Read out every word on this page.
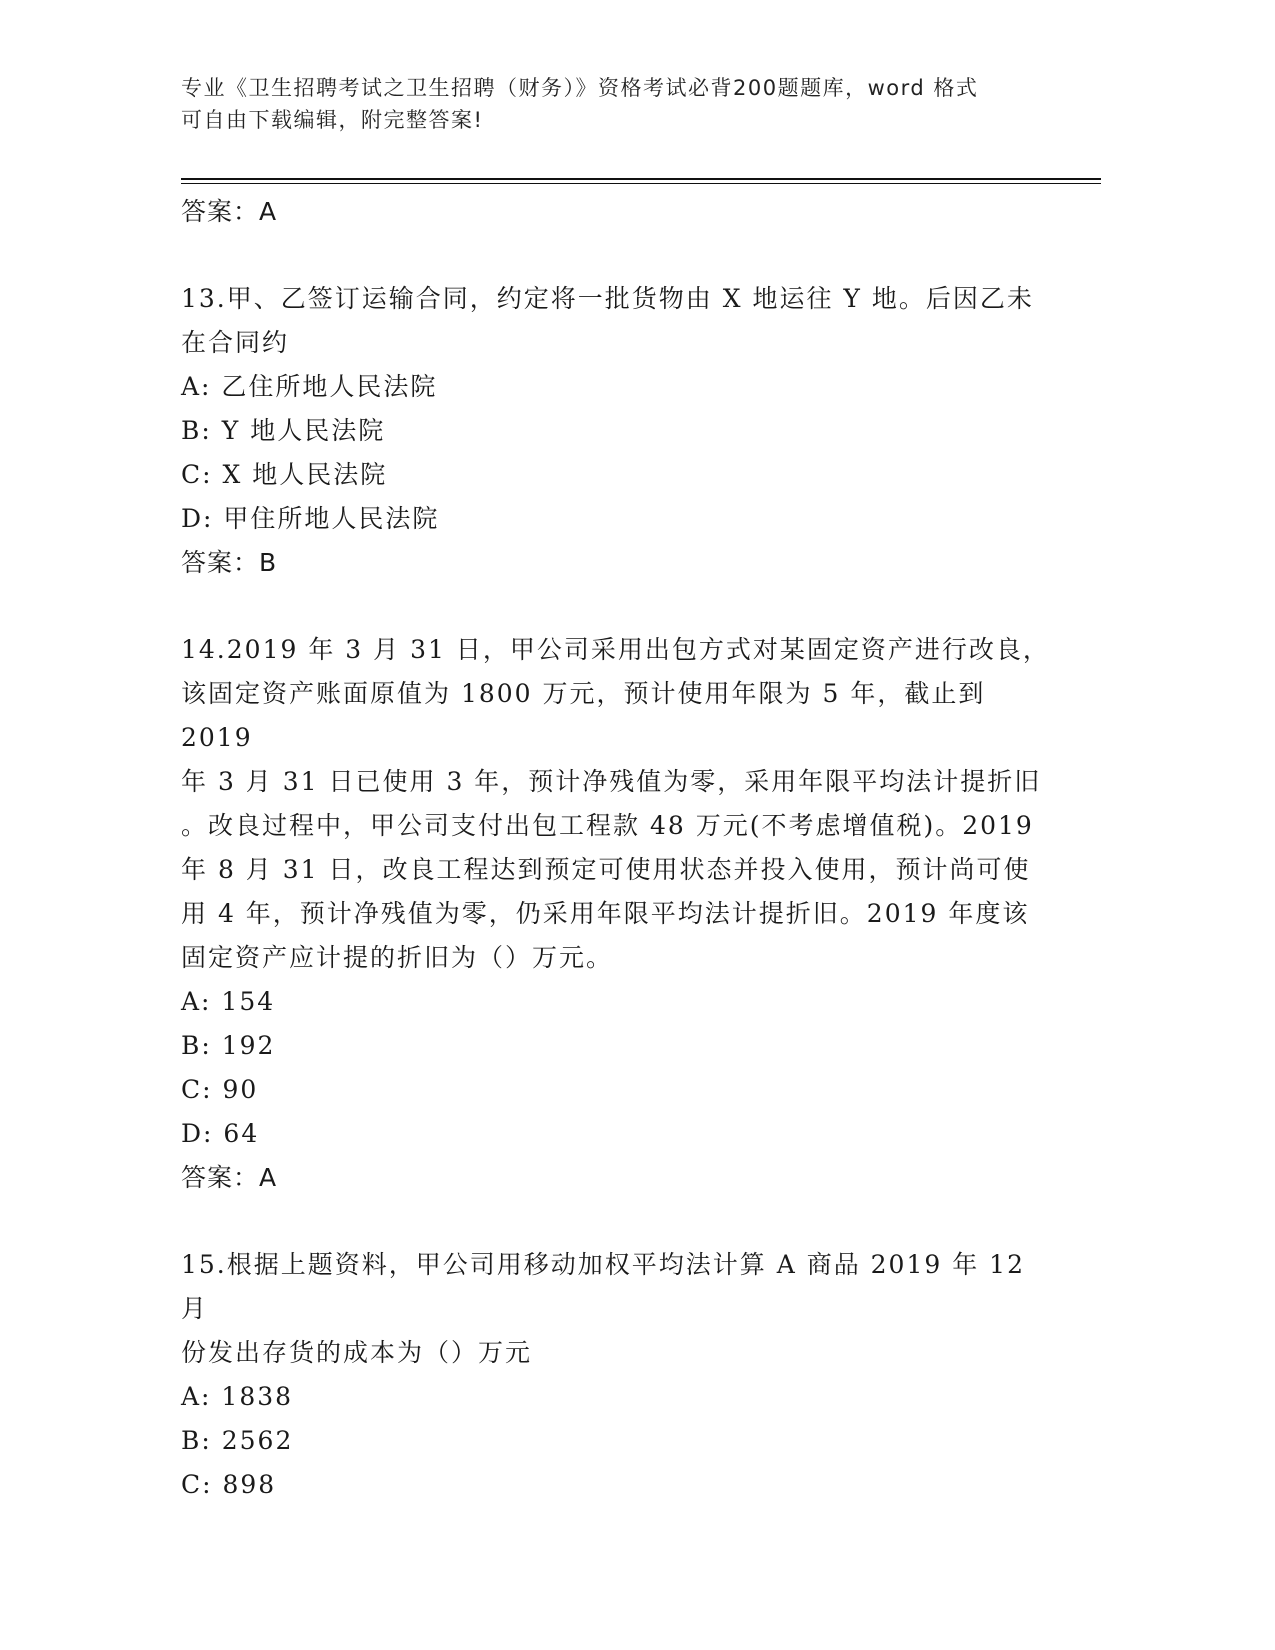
专业《卫生招聘考试之卫生招聘（财务）》资格考试必背200题题库，word 格式
可自由下载编辑，附完整答案!
答案：A
13.甲、乙签订运输合同，约定将一批货物由 X 地运往 Y 地。后因乙未
在合同约
A: 乙住所地人民法院
B: Y 地人民法院
C: X 地人民法院
D: 甲住所地人民法院
答案：B
14.2019 年 3 月 31 日，甲公司采用出包方式对某固定资产进行改良，
该固定资产账面原值为 1800 万元，预计使用年限为 5 年，截止到 2019
年 3 月 31 日已使用 3 年，预计净残值为零，采用年限平均法计提折旧
。改良过程中，甲公司支付出包工程款 48 万元(不考虑增值税)。2019
年 8 月 31 日，改良工程达到预定可使用状态并投入使用，预计尚可使
用 4 年，预计净残值为零，仍采用年限平均法计提折旧。2019 年度该
固定资产应计提的折旧为（）万元。
A: 154
B: 192
C: 90
D: 64
答案：A
15.根据上题资料，甲公司用移动加权平均法计算 A 商品 2019 年 12 月
份发出存货的成本为（）万元
A: 1838
B: 2562
C: 898
